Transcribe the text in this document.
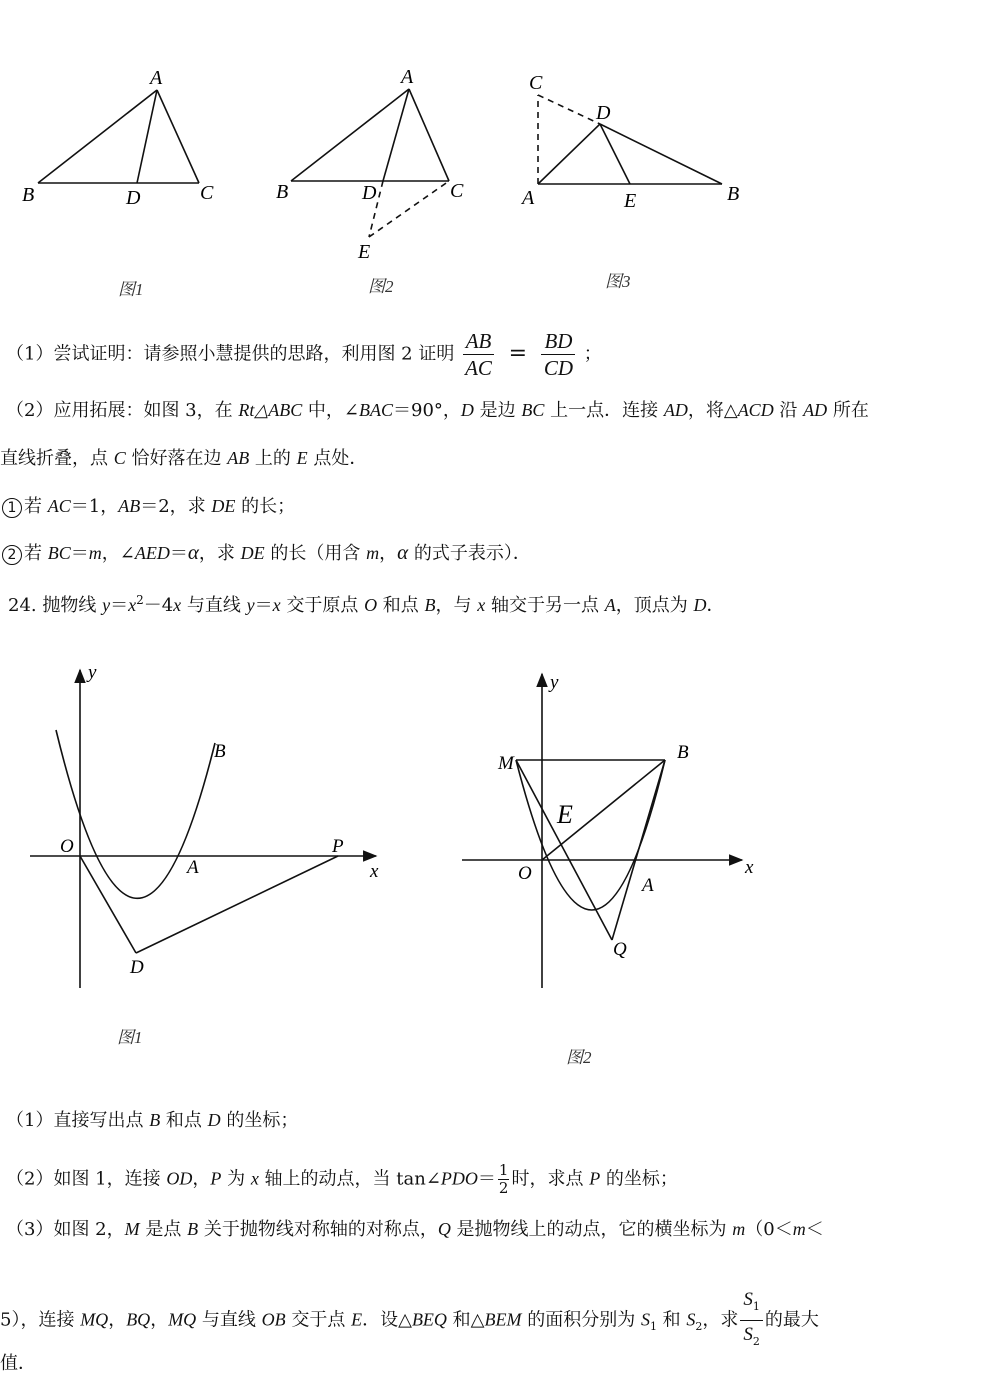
A
B	D	C
图1
A
B	D	C
E
图2
C
D
A	E	B
图3
（1）尝试证明：请参照小慧提供的思路，利用图 2 证明 $\frac{AB}{AC} = \frac{BD}{CD}$ ；
（2）应用拓展：如图 3，在 Rt△ABC 中，∠BAC＝90°，D 是边 BC 上一点．连接 AD，将△ACD 沿 AD 所在
直线折叠，点 C 恰好落在边 AB 上的 E 点处．
1 若 AC＝1，AB＝2，求 DE 的长；
2 若 BC＝m，∠AED＝α，求 DE 的长（用含 m，α 的式子表示）．
24. 抛物线 $y=x^2-4x$ 与直线 y＝x 交于原点 O 和点 B，与 x 轴交于另一点 A，顶点为 D．
y
B
O
A
P
x
D
图1
y
M
B
E
O
A
x
Q
图2
（1）直接写出点 B 和点 D 的坐标；
（2）如图 1，连接 OD，P 为 x 轴上的动点，当 tan∠PDO＝ $\frac{1}{2}$ 时，求点 P 的坐标；
（3）如图 2，M 是点 B 关于抛物线对称轴的对称点，Q 是抛物线上的动点，它的横坐标为 m（0＜m＜
5），连接 MQ，BQ，MQ 与直线 OB 交于点 E．设△BEQ 和△BEM 的面积分别为 $S_1$ 和 $S_2$，求 $\frac{S_1}{S_2}$ 的最大
值．
